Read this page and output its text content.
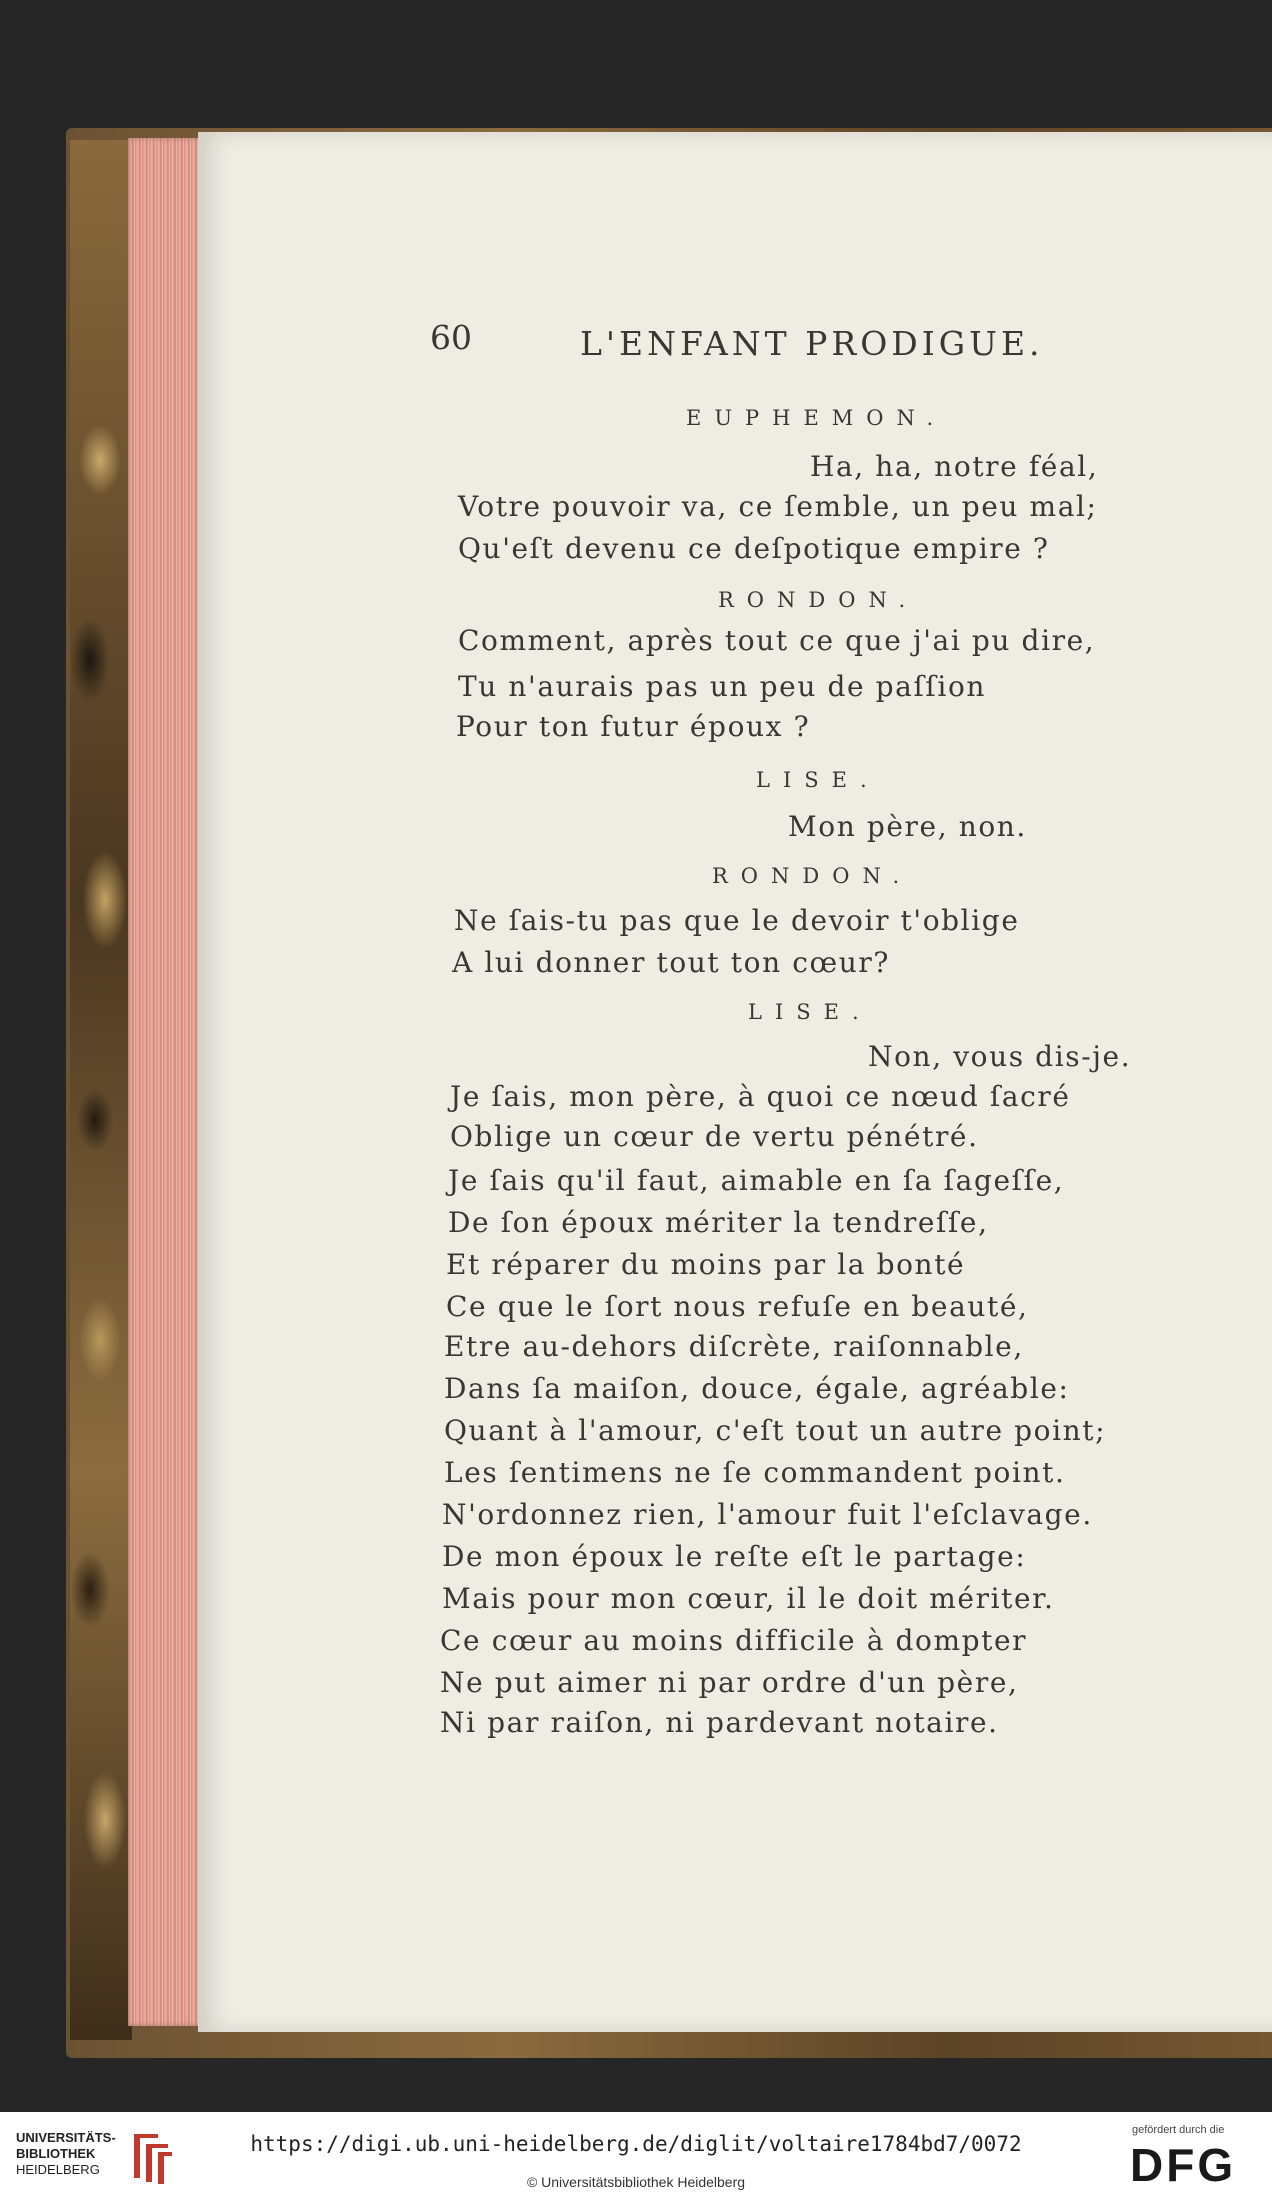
60	L'ENFANT PRODIGUE.
EUPHEMON.
Ha, ha, notre féal,
Votre pouvoir va, ce ſemble, un peu mal;
Qu'eſt devenu ce deſpotique empire ?
RONDON.
Comment, après tout ce que j'ai pu dire,
Tu n'aurais pas un peu de paſſion
Pour ton futur époux ?
LISE.
Mon père, non.
RONDON.
Ne ſais-tu pas que le devoir t'oblige
A lui donner tout ton cœur?
LISE.
Non, vous dis-je.
Je ſais, mon père, à quoi ce nœud ſacré
Oblige un cœur de vertu pénétré.
Je ſais qu'il faut, aimable en ſa ſageſſe,
De ſon époux mériter la tendreſſe,
Et réparer du moins par la bonté
Ce que le ſort nous refuſe en beauté,
Etre au-dehors diſcrète, raiſonnable,
Dans ſa maiſon, douce, égale, agréable:
Quant à l'amour, c'eſt tout un autre point;
Les ſentimens ne ſe commandent point.
N'ordonnez rien, l'amour fuit l'eſclavage.
De mon époux le reſte eſt le partage:
Mais pour mon cœur, il le doit mériter.
Ce cœur au moins difficile à dompter
Ne put aimer ni par ordre d'un père,
Ni par raiſon, ni pardevant notaire.
UNIVERSITÄTS-
BIBLIOTHEK
HEIDELBERG
https://digi.ub.uni-heidelberg.de/diglit/voltaire1784bd7/0072
© Universitätsbibliothek Heidelberg
gefördert durch die
DFG
